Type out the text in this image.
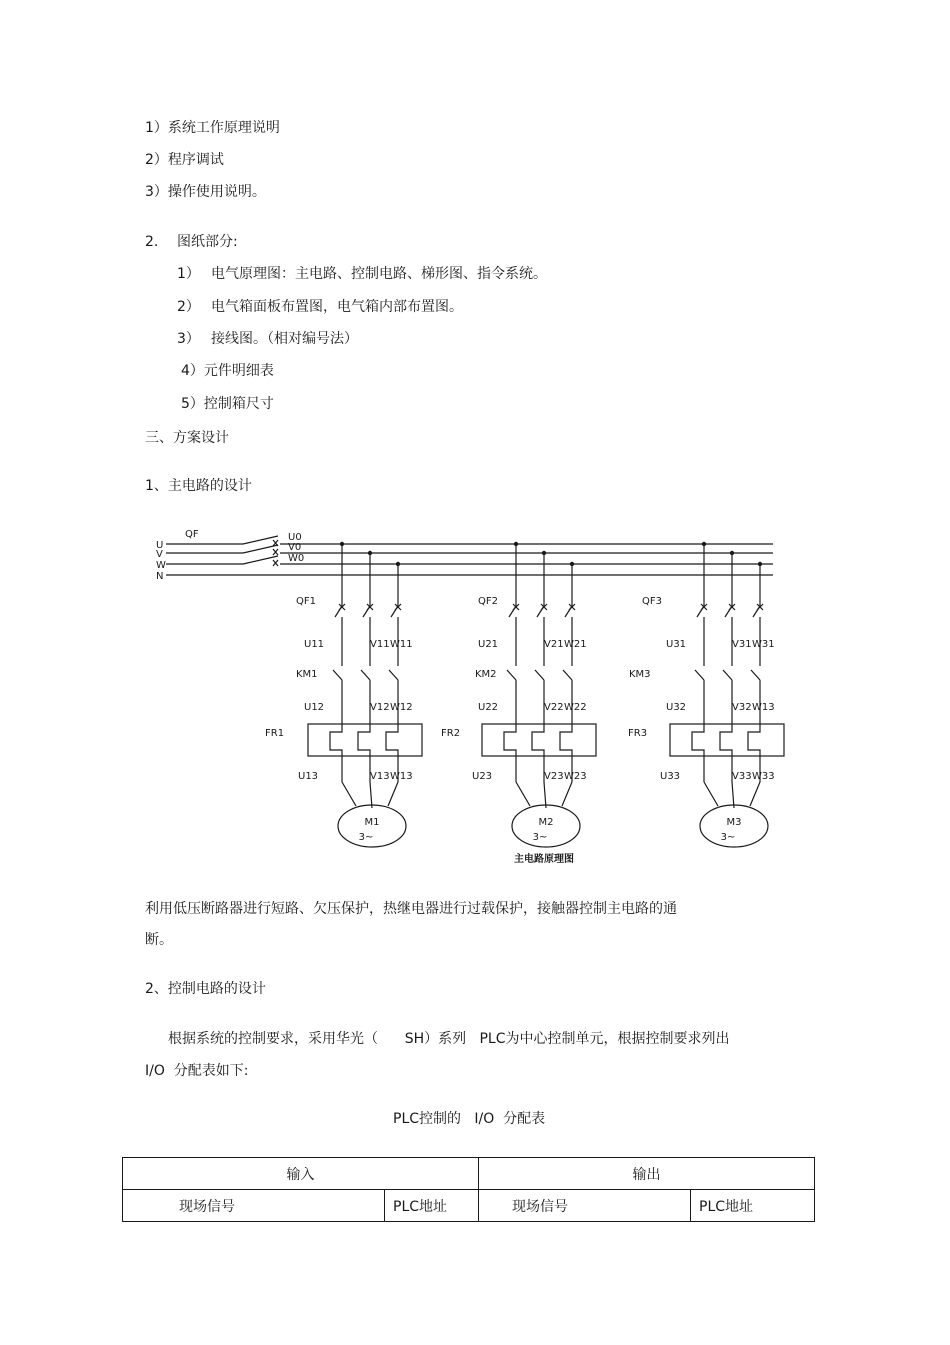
1）系统工作原理说明
2）程序调试
3）操作使用说明。
2. 图纸部分:
1） 电气原理图：主电路、控制电路、梯形图、指令系统。
2） 电气箱面板布置图，电气箱内部布置图。
3） 接线图。（相对编号法）
4）元件明细表
5）控制箱尺寸
三、方案设计
1、主电路的设计
U
V
W
N
QF	U0
V0
W0
QF1
U11	V11 W11
KM1
U12	V12 W12
FR1
U13	V13 W13
M1
3~
QF2
U21	V21 W21
KM2
U22	V22 W22
FR2
U23	V23 W23
M2
3~
QF3
U31	V31 W31
KM3
U32	V32 W13
FR3
U33	V33 W33
M3
3~
主电路原理图
利用低压断路器进行短路、欠压保护，热继电器进行过载保护，接触器控制主电路的通
断。
2、控制电路的设计
根据系统的控制要求，采用华光（      SH）系列   PLC为中心控制单元，根据控制要求列出
I/O  分配表如下:
PLC控制的   I/O  分配表
输入		输出	
现场信号	PLC地址	现场信号	PLC地址
